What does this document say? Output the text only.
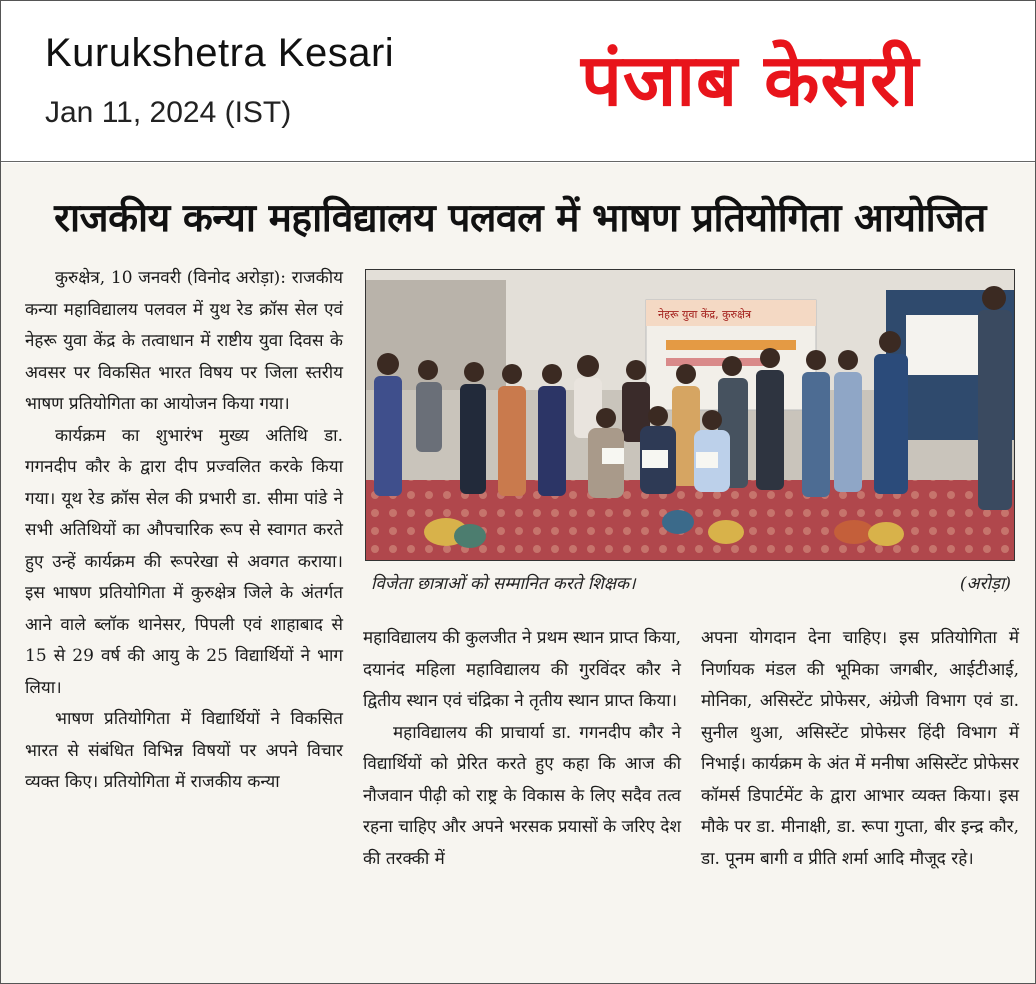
Kurukshetra Kesari
Jan 11, 2024 (IST)	पंजाब केसरी
राजकीय कन्या महाविद्यालय पलवल में भाषण प्रतियोगिता आयोजित

कुरुक्षेत्र, 10 जनवरी (विनोद अरोड़ा): राजकीय कन्या महाविद्यालय पलवल में युथ रेड क्रॉस सेल एवं नेहरू युवा केंद्र के तत्वाधान में राष्टीय युवा दिवस के अवसर पर विकसित भारत विषय पर जिला स्तरीय भाषण प्रतियोगिता का आयोजन किया गया।

कार्यक्रम का शुभारंभ मुख्य अतिथि डा. गगनदीप कौर के द्वारा दीप प्रज्वलित करके किया गया। यूथ रेड क्रॉस सेल की प्रभारी डा. सीमा पांडे ने सभी अतिथियों का औपचारिक रूप से स्वागत करते हुए उन्हें कार्यक्रम की रूपरेखा से अवगत कराया। इस भाषण प्रतियोगिता में कुरुक्षेत्र जिले के अंतर्गत आने वाले ब्लॉक थानेसर, पिपली एवं शाहाबाद से 15 से 29 वर्ष की आयु के 25 विद्यार्थियों ने भाग लिया।

भाषण प्रतियोगिता में विद्यार्थियों ने विकसित भारत से संबंधित विभिन्न विषयों पर अपने विचार व्यक्त किए। प्रतियोगिता में राजकीय कन्या

नेहरू युवा केंद्र, कुरुक्षेत्र
विजेता छात्राओं को सम्मानित करते शिक्षक।	(अरोड़ा)

महाविद्यालय की कुलजीत ने प्रथम स्थान प्राप्त किया, दयानंद महिला महाविद्यालय की गुरविंदर कौर ने द्वितीय स्थान एवं चंद्रिका ने तृतीय स्थान प्राप्त किया।

महाविद्यालय की प्राचार्या डा. गगनदीप कौर ने विद्यार्थियों को प्रेरित करते हुए कहा कि आज की नौजवान पीढ़ी को राष्ट्र के विकास के लिए सदैव तत्व रहना चाहिए और अपने भरसक प्रयासों के जरिए देश की तरक्की में

अपना योगदान देना चाहिए। इस प्रतियोगिता में निर्णायक मंडल की भूमिका जगबीर, आईटीआई, मोनिका, असिस्टेंट प्रोफेसर, अंग्रेजी विभाग एवं डा. सुनील थुआ, असिस्टेंट प्रोफेसर हिंदी विभाग में निभाई। कार्यक्रम के अंत में मनीषा असिस्टेंट प्रोफेसर कॉमर्स डिपार्टमेंट के द्वारा आभार व्यक्त किया। इस मौके पर डा. मीनाक्षी, डा. रूपा गुप्ता, बीर इन्द्र कौर, डा. पूनम बागी व प्रीति शर्मा आदि मौजूद रहे।
